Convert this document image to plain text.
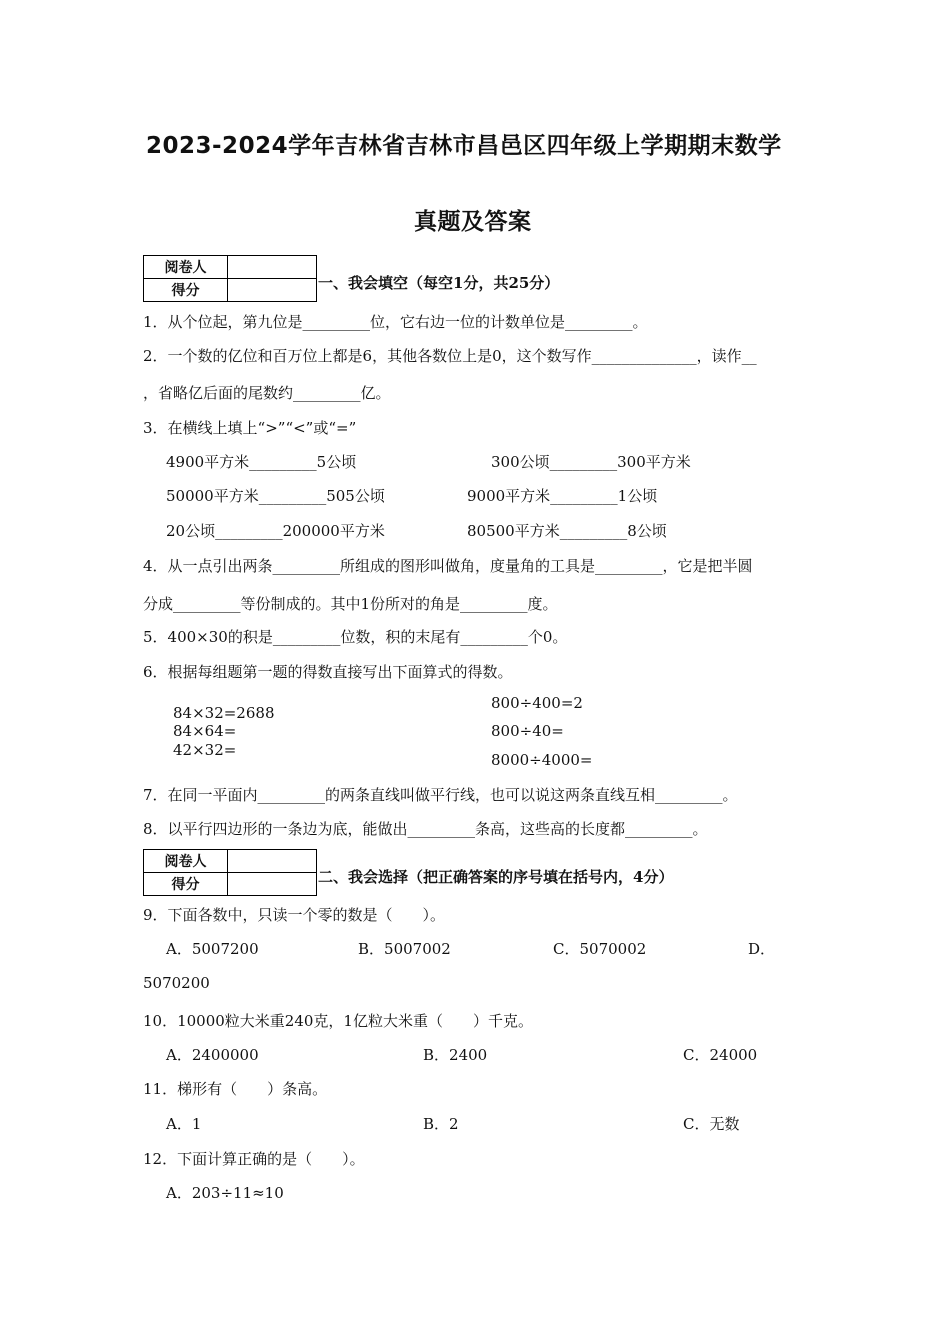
2023-2024学年吉林省吉林市昌邑区四年级上学期期末数学
真题及答案
阅卷人	
得分		一、我会填空（每空1分，共25分）
1．从个位起，第九位是_________位，它右边一位的计数单位是_________。
2．一个数的亿位和百万位上都是6，其他各数位上是0，这个数写作______________，读作__
，省略亿后面的尾数约_________亿。
3．在横线上填上“>”“<”或“=”
4900平方米_________5公顷	300公顷_________300平方米
50000平方米_________505公顷	9000平方米_________1公顷
20公顷_________200000平方米	80500平方米_________8公顷
4．从一点引出两条_________所组成的图形叫做角，度量角的工具是_________，它是把半圆
分成_________等份制成的。其中1份所对的角是_________度。
5．400×30的积是_________位数，积的末尾有_________个0。
6．根据每组题第一题的得数直接写出下面算式的得数。
84×32=2688
84×64=
42×32=
800÷400=2
800÷40=
8000÷4000=
7．在同一平面内_________的两条直线叫做平行线，也可以说这两条直线互相_________。
8．以平行四边形的一条边为底，能做出_________条高，这些高的长度都_________。
阅卷人	
得分		二、我会选择（把正确答案的序号填在括号内，4分）
9．下面各数中，只读一个零的数是（　　）。
A．5007200	B．5007002	C．5070002	D．
5070200
10．10000粒大米重240克，1亿粒大米重（　　）千克。
A．2400000	B．2400	C．24000
11．梯形有（　　）条高。
A．1	B．2	C．无数
12．下面计算正确的是（　　）。
A．203÷11≈10
